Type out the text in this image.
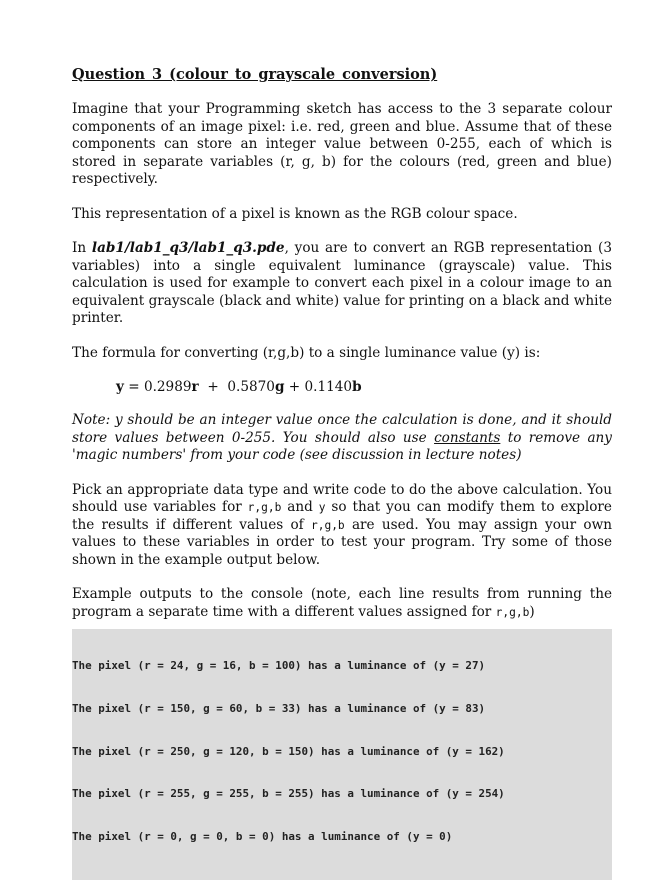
Question 3 (colour to grayscale conversion)

Imagine that your Programming sketch has access to the 3 separate colour components of an image pixel: i.e. red, green and blue. Assume that of these components can store an integer value between 0-255, each of which is stored in separate variables (r, g, b) for the colours (red, green and blue) respectively.

This representation of a pixel is known as the RGB colour space.

In lab1/lab1_q3/lab1_q3.pde, you are to convert an RGB representation (3 variables) into a single equivalent luminance (grayscale) value. This calculation is used for example to convert each pixel in a colour image to an equivalent grayscale (black and white) value for printing on a black and white printer.

The formula for converting (r,g,b) to a single luminance value (y) is:

y = 0.2989r  +  0.5870g + 0.1140b

Note: y should be an integer value once the calculation is done, and it should store values between 0-255. You should also use constants to remove any 'magic numbers' from your code (see discussion in lecture notes)

Pick an appropriate data type and write code to do the above calculation. You should use variables for r,g,b and y so that you can modify them to explore the results if different values of r,g,b are used. You may assign your own values to these variables in order to test your program. Try some of those shown in the example output below.

Example outputs to the console (note, each line results from running the program a separate time with a different values assigned for r,g,b)

The pixel (r = 24, g = 16, b = 100) has a luminance of (y = 27)

The pixel (r = 150, g = 60, b = 33) has a luminance of (y = 83)

The pixel (r = 250, g = 120, b = 150) has a luminance of (y = 162)

The pixel (r = 255, g = 255, b = 255) has a luminance of (y = 254)

The pixel (r = 0, g = 0, b = 0) has a luminance of (y = 0)
